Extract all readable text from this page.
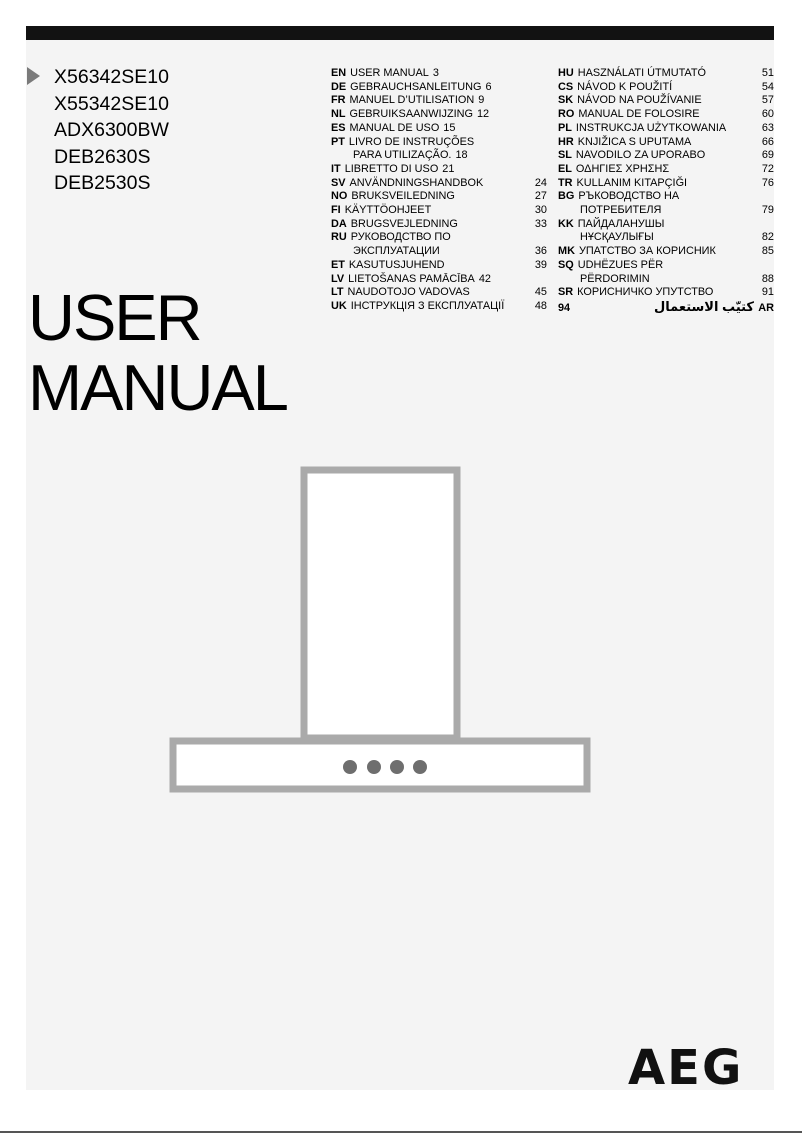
X56342SE10
X55342SE10
ADX6300BW
DEB2630S
DEB2530S
USER
MANUAL
EN USER MANUAL 3
DE GEBRAUCHSANLEITUNG 6
FR MANUEL D’UTILISATION 9
NL GEBRUIKSAANWIJZING 12
ES MANUAL DE USO 15
PT LIVRO DE INSTRUÇÕES
PARA UTILIZAÇÃO. 18
IT LIBRETTO DI USO 21
SV ANVÄNDNINGSHANDBOK	24
NO BRUKSVEILEDNING	27
FI KÄYTTÖOHJEET	30
DA BRUGSVEJLEDNING	33
RU РУКОВОДСТВО ПО
ЭКСПЛУАТАЦИИ	36
ET KASUTUSJUHEND	39
LV LIETOŠANAS PAMĀCĪBA 42
LT NAUDOTOJO VADOVAS	45
UK ІНСТРУКЦІЯ З ЕКСПЛУАТАЦІЇ	48
HU HASZNÁLATI ÚTMUTATÓ	51
CS NÁVOD K POUŽITÍ	54
SK NÁVOD NA POUŽÍVANIE	57
RO MANUAL DE FOLOSIRE	60
PL INSTRUKCJA UŻYTKOWANIA	63
HR KNJIŽICA S UPUTAMA	66
SL NAVODILO ZA UPORABO	69
EL ΟΔΗΓΙΕΣ ΧΡΗΣΗΣ	72
TR KULLANIM KITAPÇIĞI	76
BG РЪКОВОДСТВО НА
ПОТРЕБИТЕЛЯ	79
KK ПАЙДАЛАНУШЫ
НҰСҚАУЛЫҒЫ	82
MK УПАТСТВО ЗА КОРИСНИК	85
SQ UDHËZUES PËR
PËRDORIMIN	88
SR КОРИСНИЧКО УПУТСТВО	91
94	كتيّب الاستعمال AR
AEG
